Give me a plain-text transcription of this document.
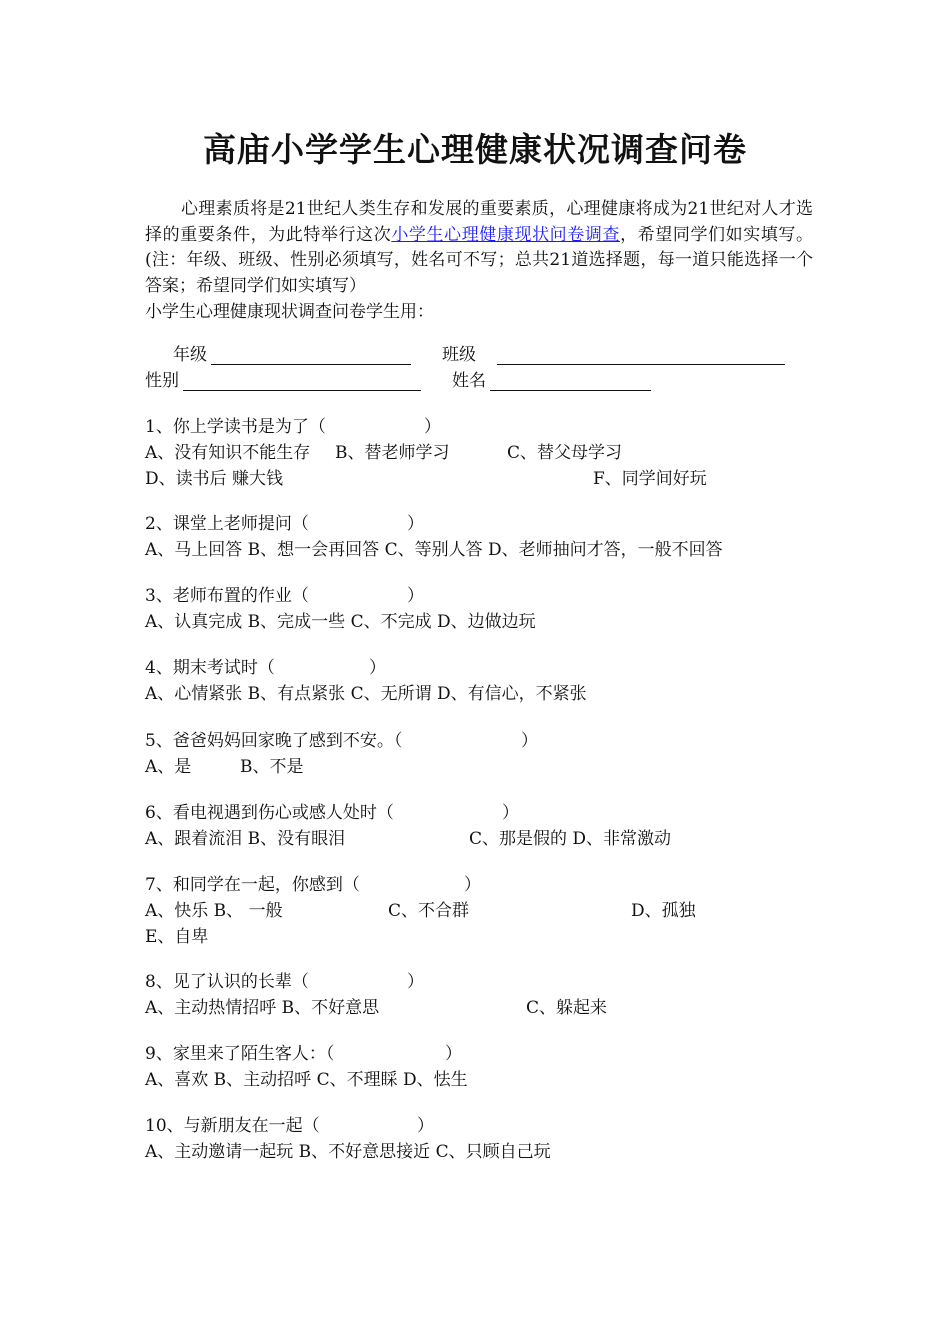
高庙小学学生心理健康状况调查问卷
心理素质将是21世纪人类生存和发展的重要素质，心理健康将成为21世纪对人才选择的重要条件，为此特举行这次小学生心理健康现状问卷调查，希望同学们如实填写。(注：年级、班级、性别必须填写，姓名可不写；总共21道选择题，每一道只能选择一个答案；希望同学们如实填写）
小学生心理健康现状调查问卷学生用：
年级	班级
性别	姓名
1、你上学读书是为了（	）
A、没有知识不能生存 B、替老师学习	C、替父母学习
D、读书后 赚大钱	F、同学间好玩
2、课堂上老师提问（	）
A、马上回答 B、想一会再回答 C、等别人答 D、老师抽问才答，一般不回答
3、老师布置的作业（	）
A、认真完成 B、完成一些 C、不完成 D、边做边玩
4、期末考试时（	）
A、心情紧张 B、有点紧张 C、无所谓 D、有信心，不紧张
5、爸爸妈妈回家晚了感到不安。（	）
A、是	B、不是
6、看电视遇到伤心或感人处时（	）
A、跟着流泪 B、没有眼泪	C、那是假的 D、非常激动
7、和同学在一起，你感到（	）
A、快乐 B、 一般	C、不合群	D、孤独
E、自卑
8、见了认识的长辈（	）
A、主动热情招呼 B、不好意思	C、躲起来
9、家里来了陌生客人：（	）
A、喜欢 B、主动招呼 C、不理睬 D、怯生
10、与新朋友在一起（	）
A、主动邀请一起玩 B、不好意思接近 C、只顾自己玩
